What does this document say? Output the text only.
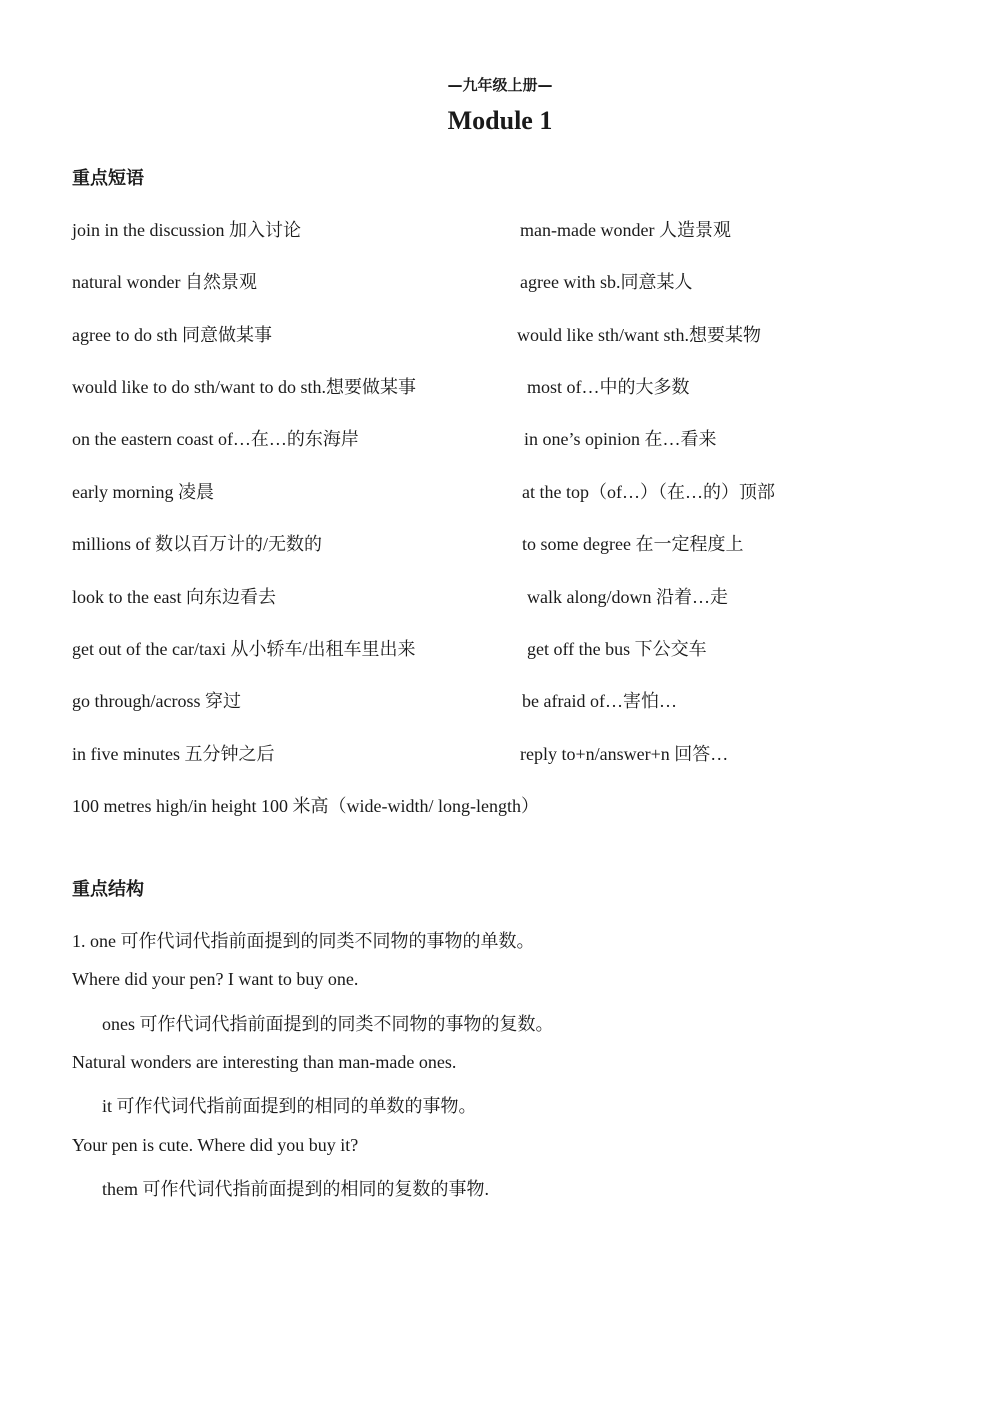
—九年级上册—
Module 1
重点短语
join in the discussion 加入讨论	man-made wonder 人造景观
natural wonder 自然景观	agree with sb.同意某人
agree to do sth 同意做某事	would like sth/want sth.想要某物
would like to do sth/want to do sth.想要做某事	most of…中的大多数
on the eastern coast of…在…的东海岸	in one’s opinion 在…看来
early morning 凌晨	at the top（of…）（在…的）顶部
millions of 数以百万计的/无数的	to some degree 在一定程度上
look to the east 向东边看去	walk along/down 沿着…走
get out of the car/taxi 从小轿车/出租车里出来	get off the bus 下公交车
go through/across 穿过	be afraid of…害怕…
in five minutes 五分钟之后	reply to+n/answer+n 回答…
100 metres high/in height 100 米高（wide-width/ long-length）
重点结构
1. one 可作代词代指前面提到的同类不同物的事物的单数。
Where did your pen? I want to buy one.
ones 可作代词代指前面提到的同类不同物的事物的复数。
Natural wonders are interesting than man-made ones.
it 可作代词代指前面提到的相同的单数的事物。
Your pen is cute. Where did you buy it?
them 可作代词代指前面提到的相同的复数的事物.
